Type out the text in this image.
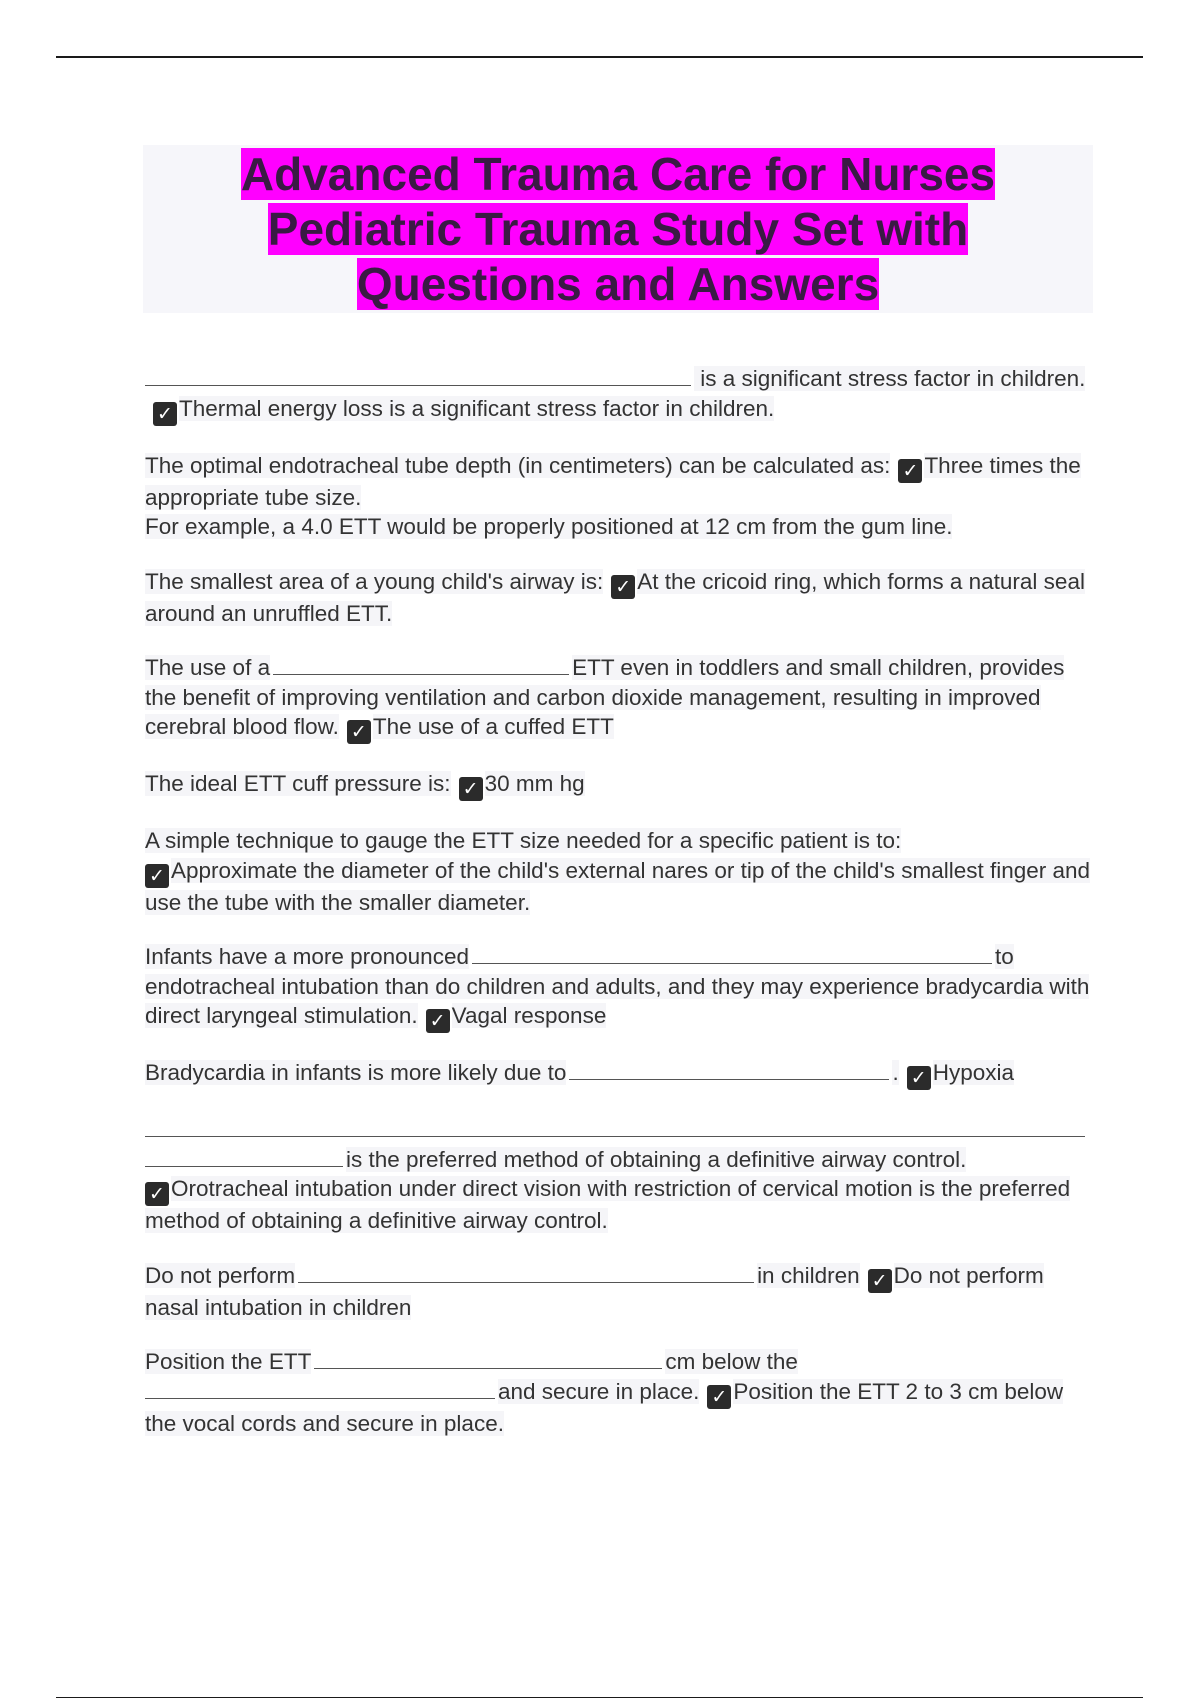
Advanced Trauma Care for Nurses
Pediatric Trauma Study Set with
Questions and Answers

is a significant stress factor in children. ✓ Thermal energy loss is a significant stress factor in children.

The optimal endotracheal tube depth (in centimeters) can be calculated as: ✓ Three times the appropriate tube size.
For example, a 4.0 ETT would be properly positioned at 12 cm from the gum line.

The smallest area of a young child's airway is: ✓ At the cricoid ring, which forms a natural seal around an unruffled ETT.

The use of a	ETT even in toddlers and small children, provides the benefit of improving ventilation and carbon dioxide management, resulting in improved cerebral blood flow. ✓ The use of a cuffed ETT

The ideal ETT cuff pressure is: ✓ 30 mm hg

A simple technique to gauge the ETT size needed for a specific patient is to:
✓ Approximate the diameter of the child's external nares or tip of the child's smallest finger and use the tube with the smaller diameter.

Infants have a more pronounced	to endotracheal intubation than do children and adults, and they may experience bradycardia with direct laryngeal stimulation. ✓ Vagal response

Bradycardia in infants is more likely due to	. ✓ Hypoxia

is the preferred method of obtaining a definitive airway control.
✓ Orotracheal intubation under direct vision with restriction of cervical motion is the preferred method of obtaining a definitive airway control.

Do not perform	in children ✓ Do not perform nasal intubation in children

Position the ETT	cm below the
and secure in place. ✓ Position the ETT 2 to 3 cm below the vocal cords and secure in place.
